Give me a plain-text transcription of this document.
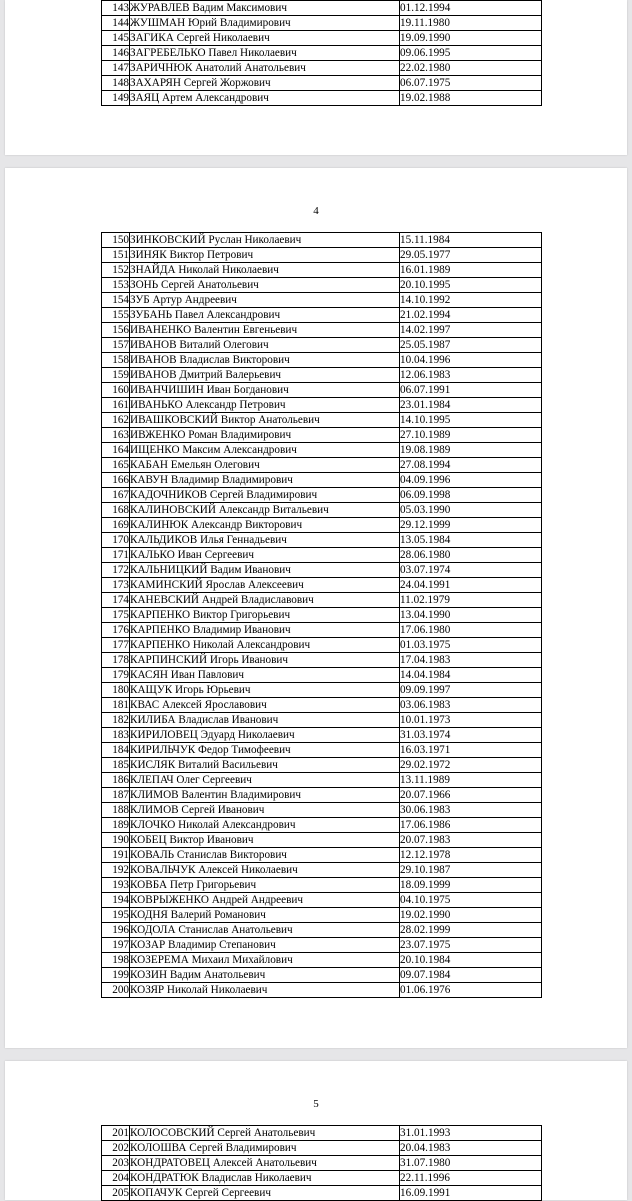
143	ЖУРАВЛЕВ Вадим Максимович	01.12.1994
144	ЖУШМАН Юрий Владимирович	19.11.1980
145	ЗАГИКА Сергей Николаевич	19.09.1990
146	ЗАГРЕБЕЛЬКО Павел Николаевич	09.06.1995
147	ЗАРИЧНЮК Анатолий Анатольевич	22.02.1980
148	ЗАХАРЯН Сергей Жоржович	06.07.1975
149	ЗАЯЦ Артем Александрович	19.02.1988
4
150	ЗИНКОВСКИЙ Руслан Николаевич	15.11.1984
151	ЗИНЯК Виктор Петрович	29.05.1977
152	ЗНАЙДА Николай Николаевич	16.01.1989
153	ЗОНЬ Сергей Анатольевич	20.10.1995
154	ЗУБ Артур Андреевич	14.10.1992
155	ЗУБАНЬ Павел Александрович	21.02.1994
156	ИВАНЕНКО Валентин Евгеньевич	14.02.1997
157	ИВАНОВ Виталий Олегович	25.05.1987
158	ИВАНОВ Владислав Викторович	10.04.1996
159	ИВАНОВ Дмитрий Валерьевич	12.06.1983
160	ИВАНЧИШИН Иван Богданович	06.07.1991
161	ИВАНЬКО Александр Петрович	23.01.1984
162	ИВАШКОВСКИЙ Виктор Анатольевич	14.10.1995
163	ИВЖЕНКО Роман Владимирович	27.10.1989
164	ИЩЕНКО Максим Александрович	19.08.1989
165	КАБАН Емельян Олегович	27.08.1994
166	КАВУН Владимир Владимирович	04.09.1996
167	КАДОЧНИКОВ Сергей Владимирович	06.09.1998
168	КАЛИНОВСКИЙ Александр Витальевич	05.03.1990
169	КАЛИНЮК Александр Викторович	29.12.1999
170	КАЛЬДИКОВ Илья Геннадьевич	13.05.1984
171	КАЛЬКО Иван Сергеевич	28.06.1980
172	КАЛЬНИЦКИЙ Вадим Иванович	03.07.1974
173	КАМИНСКИЙ Ярослав Алексеевич	24.04.1991
174	КАНЕВСКИЙ Андрей Владиславович	11.02.1979
175	КАРПЕНКО Виктор Григорьевич	13.04.1990
176	КАРПЕНКО Владимир Иванович	17.06.1980
177	КАРПЕНКО Николай Александрович	01.03.1975
178	КАРПИНСКИЙ Игорь Иванович	17.04.1983
179	КАСЯН Иван Павлович	14.04.1984
180	КАЩУК Игорь Юрьевич	09.09.1997
181	КВАС Алексей Ярославович	03.06.1983
182	КИЛИБА Владислав Иванович	10.01.1973
183	КИРИЛОВЕЦ Эдуард Николаевич	31.03.1974
184	КИРИЛЬЧУК Федор Тимофеевич	16.03.1971
185	КИСЛЯК Виталий Васильевич	29.02.1972
186	КЛЕПАЧ Олег Сергеевич	13.11.1989
187	КЛИМОВ Валентин Владимирович	20.07.1966
188	КЛИМОВ Сергей Иванович	30.06.1983
189	КЛОЧКО Николай Александрович	17.06.1986
190	КОБЕЦ Виктор Иванович	20.07.1983
191	КОВАЛЬ Станислав Викторович	12.12.1978
192	КОВАЛЬЧУК Алексей Николаевич	29.10.1987
193	КОВБА Петр Григорьевич	18.09.1999
194	КОВРЫЖЕНКО Андрей Андреевич	04.10.1975
195	КОДНЯ Валерий Романович	19.02.1990
196	КОДОЛА Станислав Анатольевич	28.02.1999
197	КОЗАР Владимир Степанович	23.07.1975
198	КОЗЕРЕМА Михаил Михайлович	20.10.1984
199	КОЗИН Вадим Анатольевич	09.07.1984
200	КОЗЯР Николай Николаевич	01.06.1976
5
201	КОЛОСОВСКИЙ Сергей Анатольевич	31.01.1993
202	КОЛОШВА Сергей Владимирович	20.04.1983
203	КОНДРАТОВЕЦ Алексей Анатольевич	31.07.1980
204	КОНДРАТЮК Владислав Николаевич	22.11.1996
205	КОПАЧУК Сергей Сергеевич	16.09.1991
